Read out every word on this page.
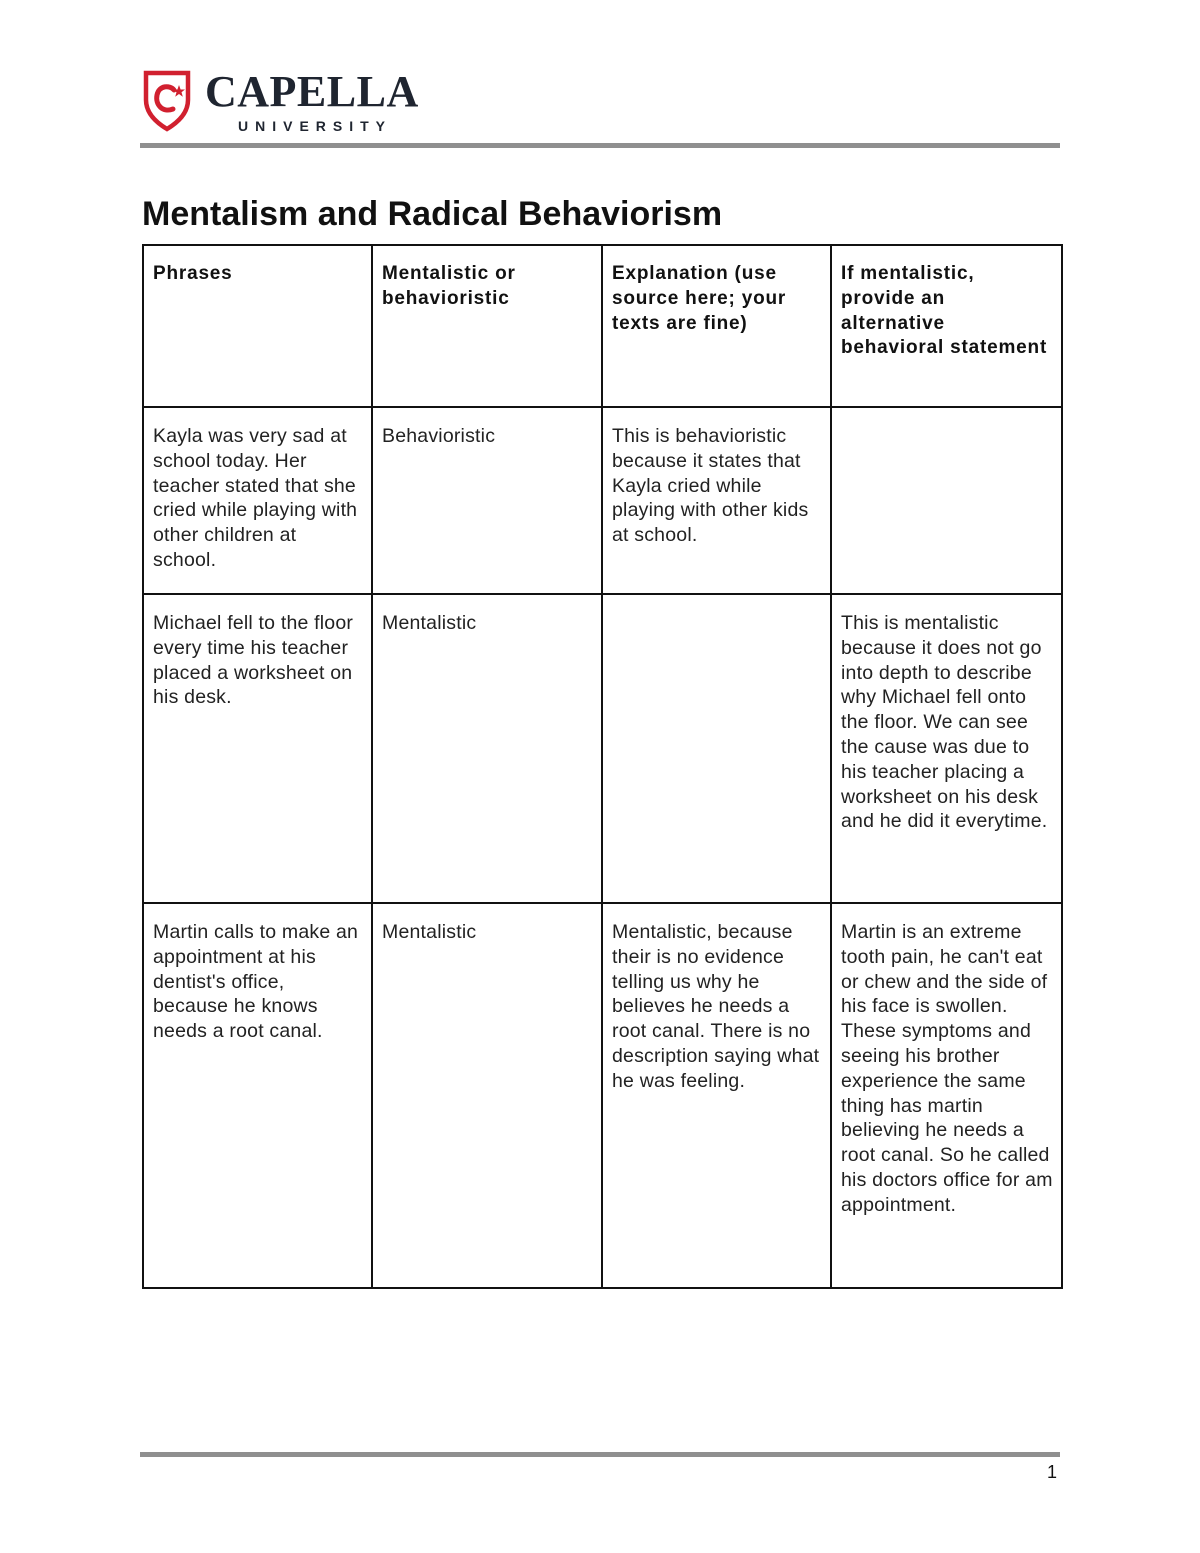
CAPELLA
UNIVERSITY
Mentalism and Radical Behaviorism
Phrases	Mentalistic or behavioristic	Explanation (use source here; your texts are fine)	If mentalistic, provide an alternative behavioral statement
Kayla was very sad at school today. Her teacher stated that she cried while playing with other children at school.	Behavioristic	This is behavioristic because it states that Kayla cried while playing with other kids at school.	
Michael fell to the floor every time his teacher placed a worksheet on his desk.	Mentalistic		This is mentalistic because it does not go into depth to describe why Michael fell onto the floor. We can see the cause was due to his teacher placing a worksheet on his desk and he did it everytime.
Martin calls to make an appointment at his dentist's office, because he knows needs a root canal.	Mentalistic	Mentalistic, because their is no evidence telling us why he believes he needs a root canal. There is no description saying what he was feeling.	Martin is an extreme tooth pain, he can't eat or chew and the side of his face is swollen. These symptoms and seeing his brother experience the same thing has martin believing he needs a root canal. So he called his doctors office for am appointment.
1
